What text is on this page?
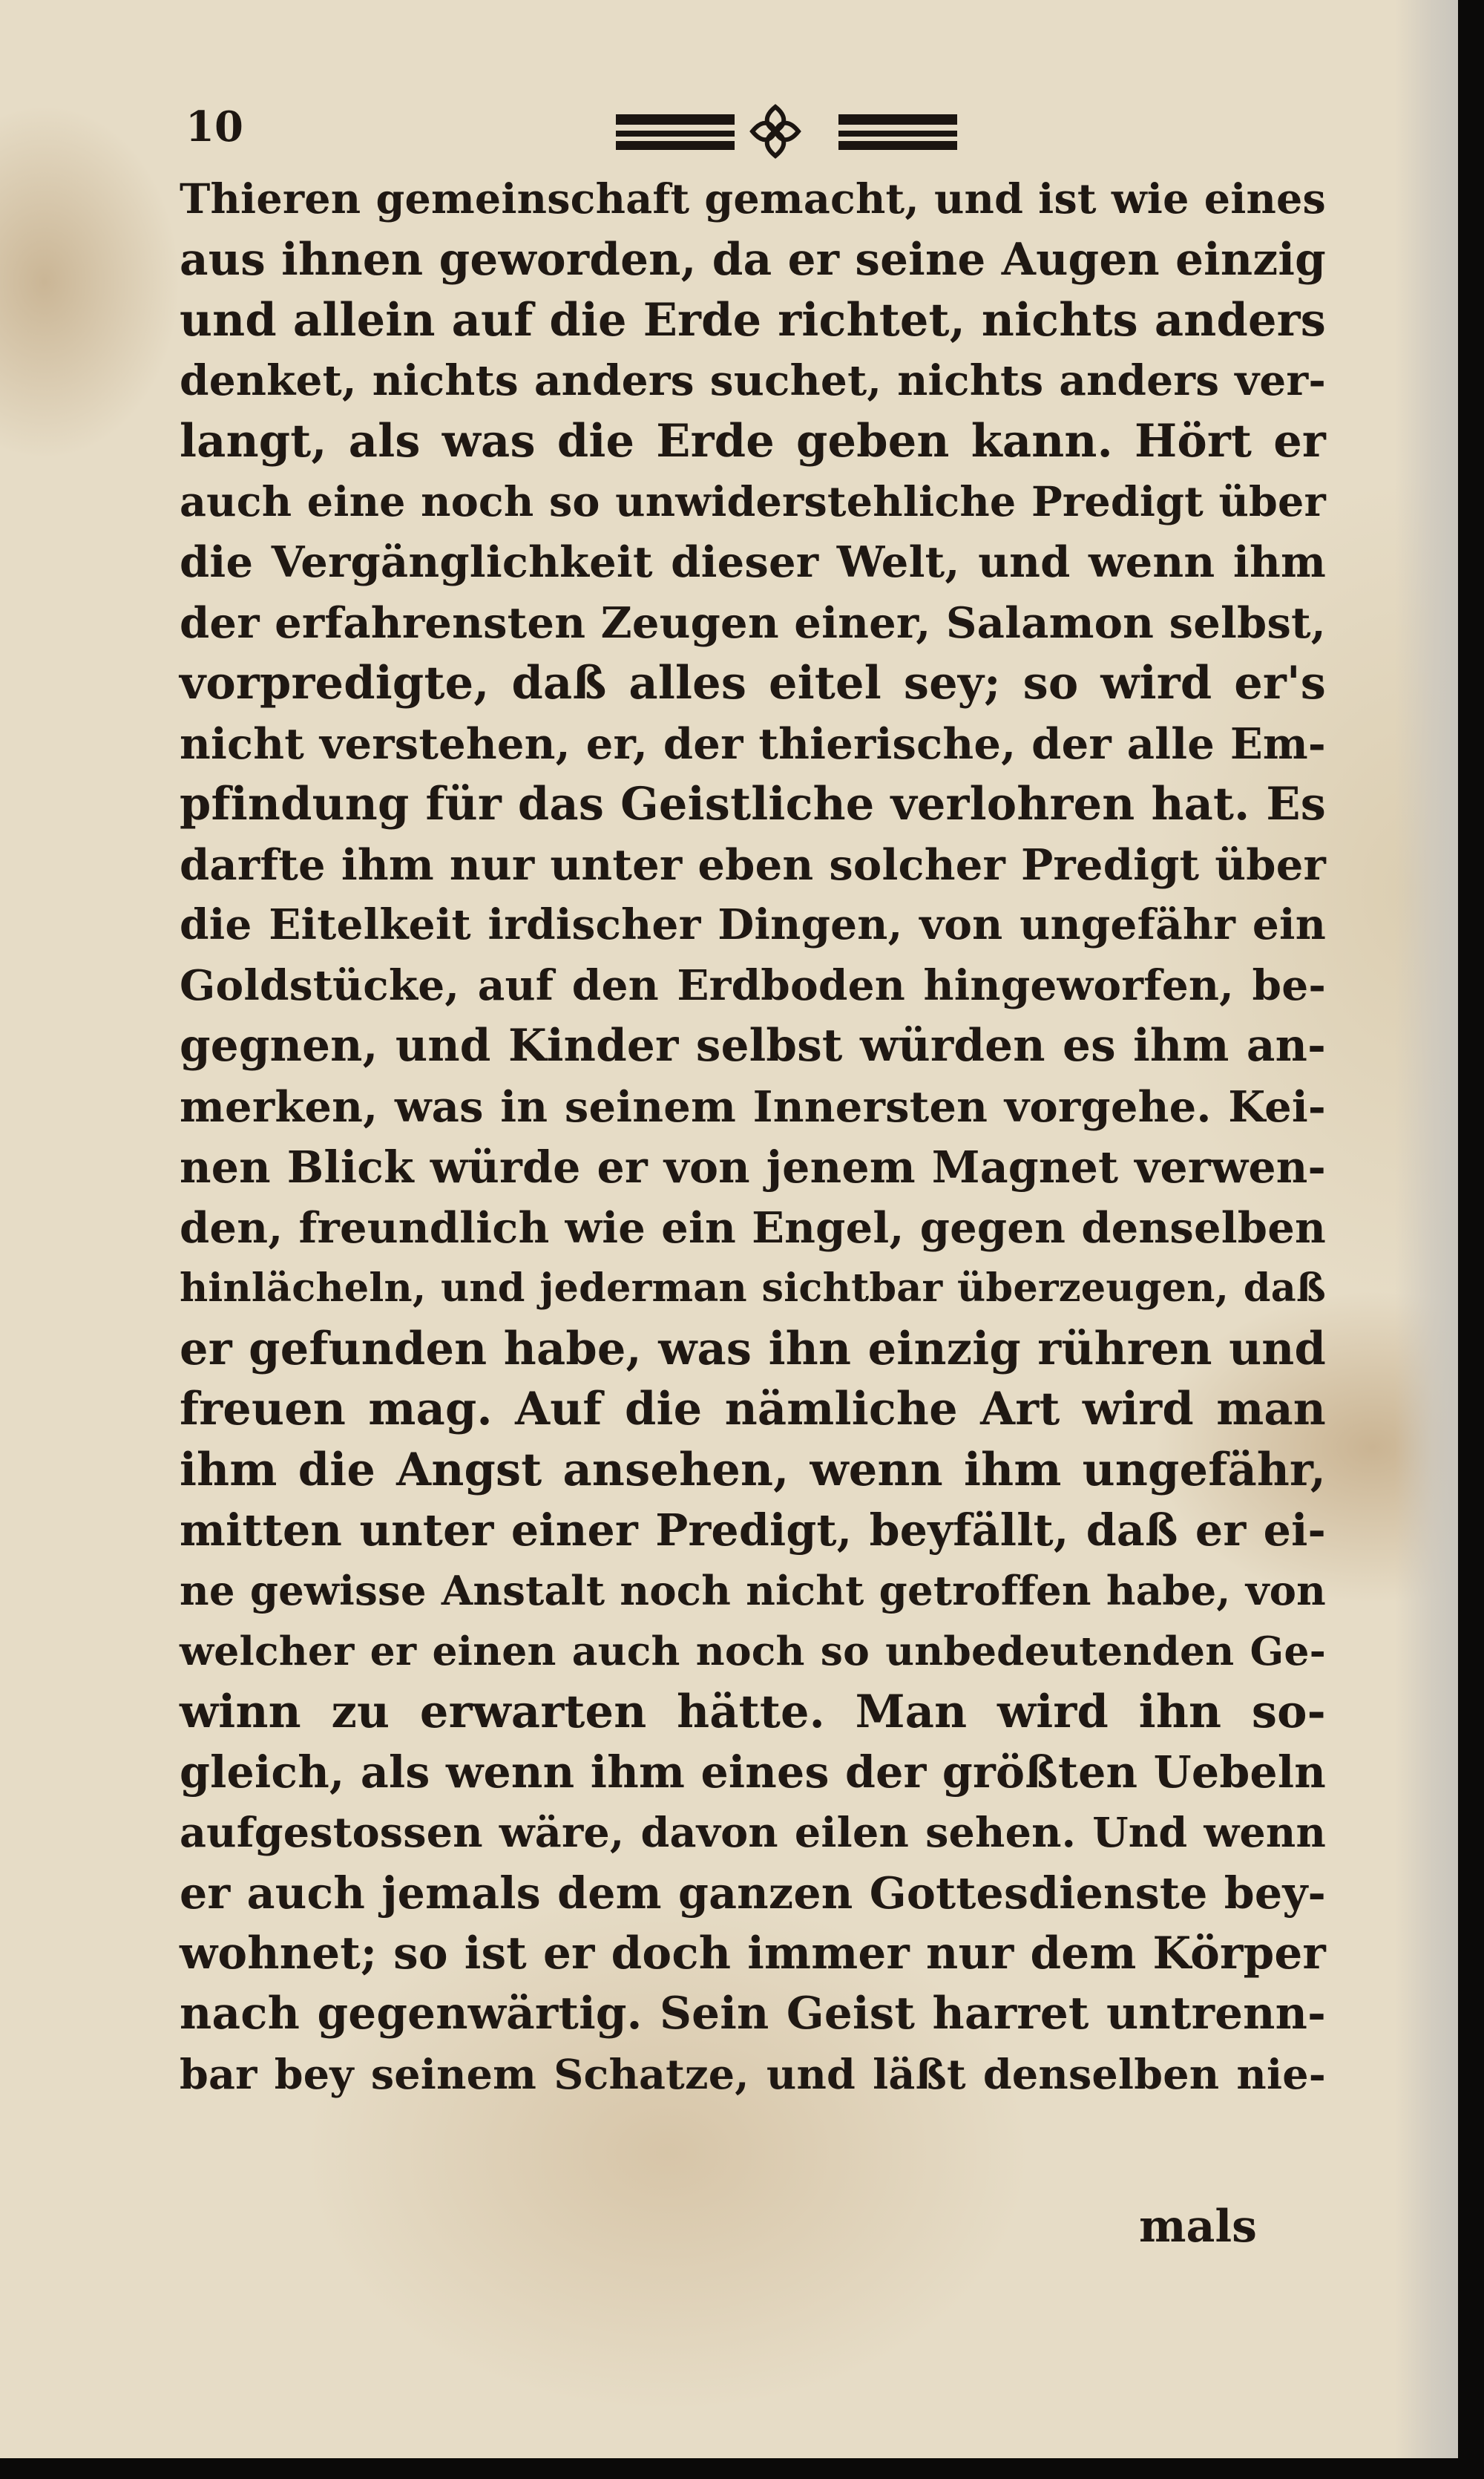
10
Thieren gemeinschaft gemacht, und ist wie eines
aus ihnen geworden, da er seine Augen einzig
und allein auf die Erde richtet, nichts anders
denket, nichts anders suchet, nichts anders ver-
langt, als was die Erde geben kann. Hört er
auch eine noch so unwiderstehliche Predigt über
die Vergänglichkeit dieser Welt, und wenn ihm
der erfahrensten Zeugen einer, Salamon selbst,
vorpredigte, daß alles eitel sey; so wird er's
nicht verstehen, er, der thierische, der alle Em-
pfindung für das Geistliche verlohren hat. Es
darfte ihm nur unter eben solcher Predigt über
die Eitelkeit irdischer Dingen, von ungefähr ein
Goldstücke, auf den Erdboden hingeworfen, be-
gegnen, und Kinder selbst würden es ihm an-
merken, was in seinem Innersten vorgehe. Kei-
nen Blick würde er von jenem Magnet verwen-
den, freundlich wie ein Engel, gegen denselben
hinlächeln, und jederman sichtbar überzeugen, daß
er gefunden habe, was ihn einzig rühren und
freuen mag. Auf die nämliche Art wird man
ihm die Angst ansehen, wenn ihm ungefähr,
mitten unter einer Predigt, beyfällt, daß er ei-
ne gewisse Anstalt noch nicht getroffen habe, von
welcher er einen auch noch so unbedeutenden Ge-
winn zu erwarten hätte. Man wird ihn so-
gleich, als wenn ihm eines der größten Uebeln
aufgestossen wäre, davon eilen sehen. Und wenn
er auch jemals dem ganzen Gottesdienste bey-
wohnet; so ist er doch immer nur dem Körper
nach gegenwärtig. Sein Geist harret untrenn-
bar bey seinem Schatze, und läßt denselben nie-
mals
